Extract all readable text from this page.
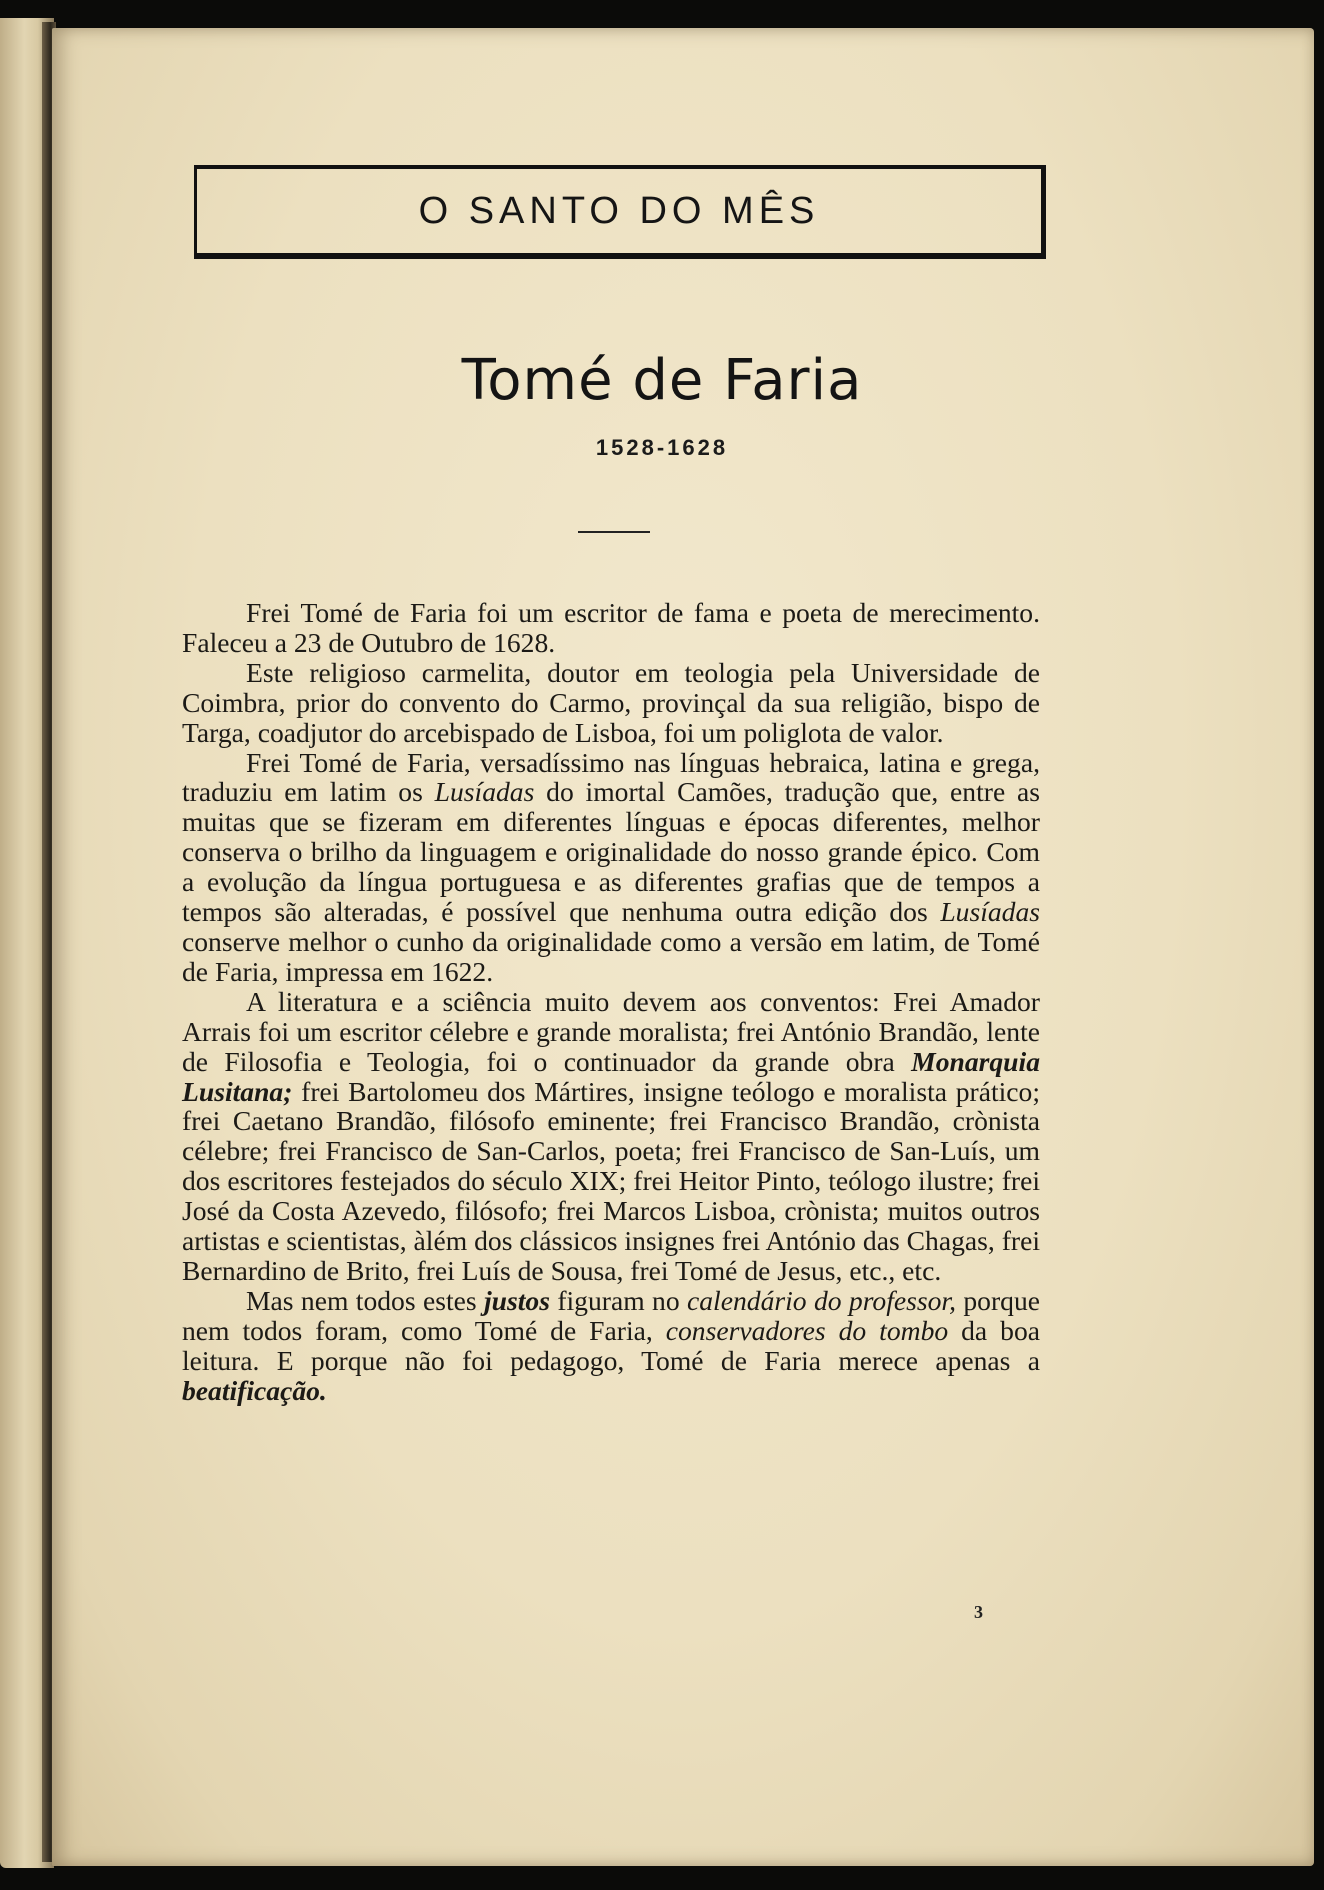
O SANTO DO MÊS
Tomé de Faria
1528-1628

Frei Tomé de Faria foi um escritor de fama e poeta de merecimento. Faleceu a 23 de Outubro de 1628.

Este religioso carmelita, doutor em teologia pela Universidade de Coimbra, prior do convento do Carmo, provinçal da sua religião, bispo de Targa, coadjutor do arcebispado de Lisboa, foi um poliglota de valor.

Frei Tomé de Faria, versadíssimo nas línguas hebraica, latina e grega, traduziu em latim os Lusíadas do imortal Camões, tradução que, entre as muitas que se fizeram em diferentes línguas e épocas diferentes, melhor conserva o brilho da linguagem e originalidade do nosso grande épico. Com a evolução da língua portuguesa e as diferentes grafias que de tempos a tempos são alteradas, é possível que nenhuma outra edição dos Lusíadas conserve melhor o cunho da originalidade como a versão em latim, de Tomé de Faria, impressa em 1622.

A literatura e a sciência muito devem aos conventos: Frei Amador Arrais foi um escritor célebre e grande moralista; frei António Brandão, lente de Filosofia e Teologia, foi o continuador da grande obra Monarquia Lusitana; frei Bartolomeu dos Mártires, insigne teólogo e moralista prático; frei Caetano Brandão, filósofo eminente; frei Francisco Brandão, crònista célebre; frei Francisco de San-Carlos, poeta; frei Francisco de San-Luís, um dos escritores festejados do século XIX; frei Heitor Pinto, teólogo ilustre; frei José da Costa Azevedo, filósofo; frei Marcos Lisboa, crònista; muitos outros artistas e scientistas, àlém dos clássicos insignes frei António das Chagas, frei Bernardino de Brito, frei Luís de Sousa, frei Tomé de Jesus, etc., etc.

Mas nem todos estes justos figuram no calendário do professor, porque nem todos foram, como Tomé de Faria, conservadores do tombo da boa leitura. E porque não foi pedagogo, Tomé de Faria merece apenas a beatificação.

3
